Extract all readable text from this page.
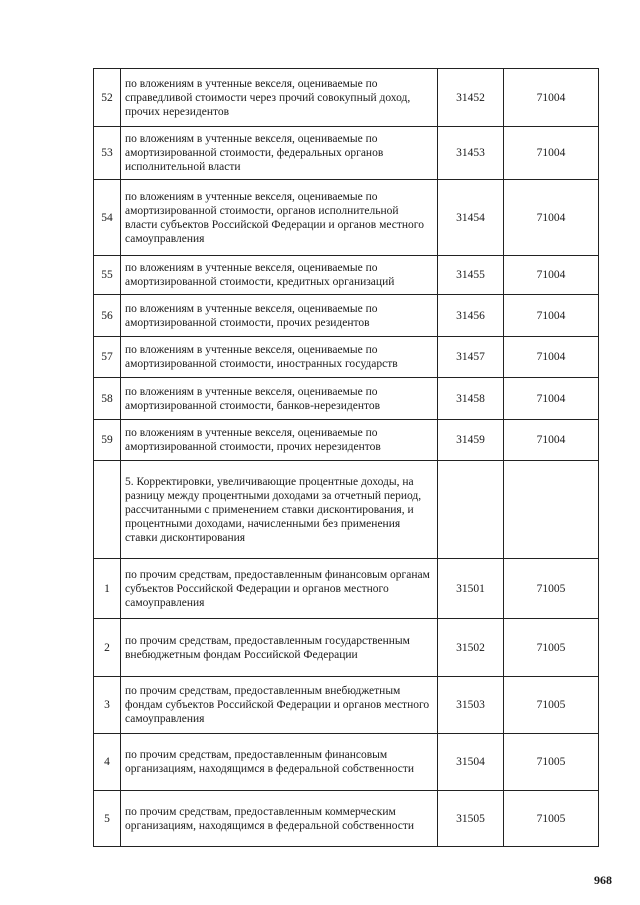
52	по вложениям в учтенные векселя, оцениваемые по справедливой стоимости через прочий совокупный доход, прочих нерезидентов	31452	71004
53	по вложениям в учтенные векселя, оцениваемые по амортизированной стоимости, федеральных органов исполнительной власти	31453	71004
54	по вложениям в учтенные векселя, оцениваемые по амортизированной стоимости, органов исполнительной власти субъектов Российской Федерации и органов местного самоуправления	31454	71004
55	по вложениям в учтенные векселя, оцениваемые по амортизированной стоимости, кредитных организаций	31455	71004
56	по вложениям в учтенные векселя, оцениваемые по амортизированной стоимости, прочих резидентов	31456	71004
57	по вложениям в учтенные векселя, оцениваемые по амортизированной стоимости, иностранных государств	31457	71004
58	по вложениям в учтенные векселя, оцениваемые по амортизированной стоимости, банков-нерезидентов	31458	71004
59	по вложениям в учтенные векселя, оцениваемые по амортизированной стоимости, прочих нерезидентов	31459	71004
	5. Корректировки, увеличивающие процентные доходы, на разницу между процентными доходами за отчетный период, рассчитанными с применением ставки дисконтирования, и процентными доходами, начисленными без применения ставки дисконтирования		
1	по прочим средствам, предоставленным финансовым органам субъектов Российской Федерации и органов местного самоуправления	31501	71005
2	по прочим средствам, предоставленным государственным внебюджетным фондам Российской Федерации	31502	71005
3	по прочим средствам, предоставленным внебюджетным фондам субъектов Российской Федерации и органов местного самоуправления	31503	71005
4	по прочим средствам, предоставленным финансовым организациям, находящимся в федеральной собственности	31504	71005
5	по прочим средствам, предоставленным коммерческим организациям, находящимся в федеральной собственности	31505	71005
968
